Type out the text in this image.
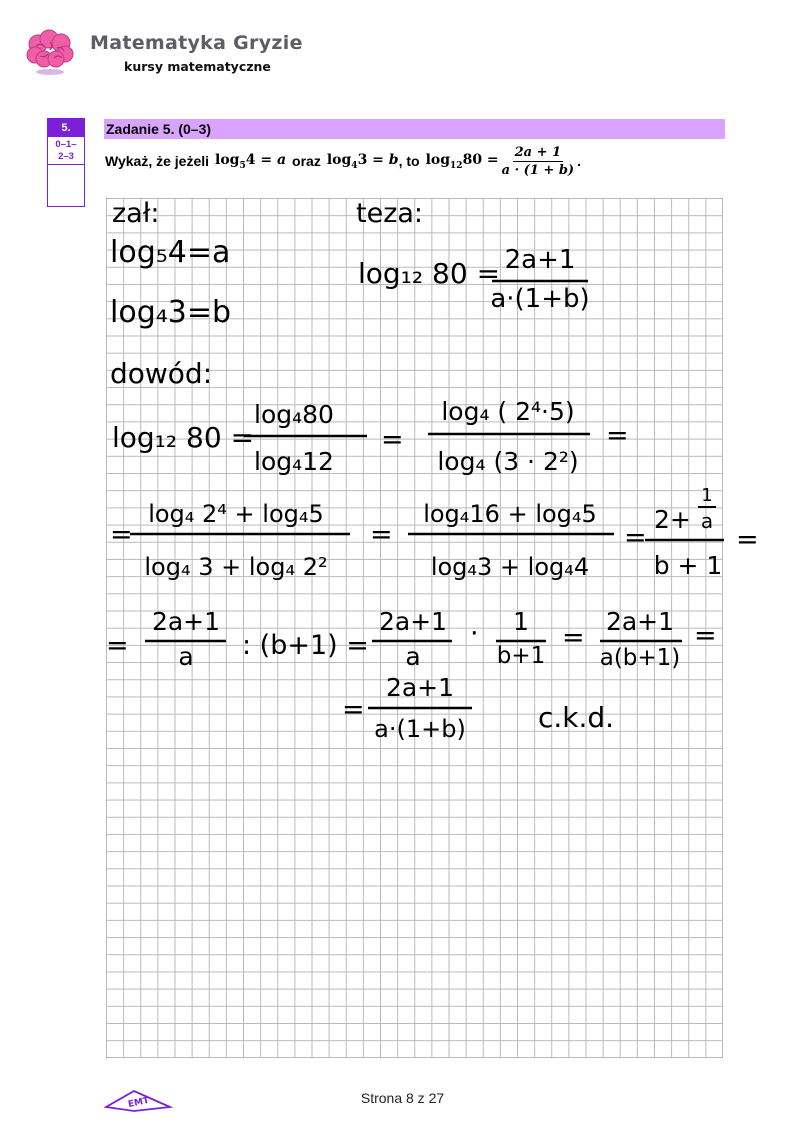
Matematyka Gryzie
kursy matematyczne
5.
0–1–
2–3
Zadanie 5. (0–3)
Wykaż, że jeżeli $\log_54 = a$ oraz $\log_43 = b$ , to $\log_{12}80 = \frac{2a + 1}{a \cdot (1 + b)}$ .
zał:
log₅4=a
log₄3=b
teza:
log₁₂ 80 = 2a+1
a·(1+b)
dowód:
log₁₂ 80 =
log₄80
log₄12
=
log₄ ( 2⁴·5)
log₄ (3 · 2²)
=
=
log₄ 2⁴ + log₄5
log₄ 3 + log₄ 2²
=
log₄16 + log₄5
log₄3 + log₄4
=
2+
1
a
b + 1
=
=
2a+1
a : (b+1) =
2a+1
a
· 1
b+1
=
2a+1
a(b+1)
=
=
2a+1
a·(1+b)	c.k.d.
EMT	Strona 8 z 27
